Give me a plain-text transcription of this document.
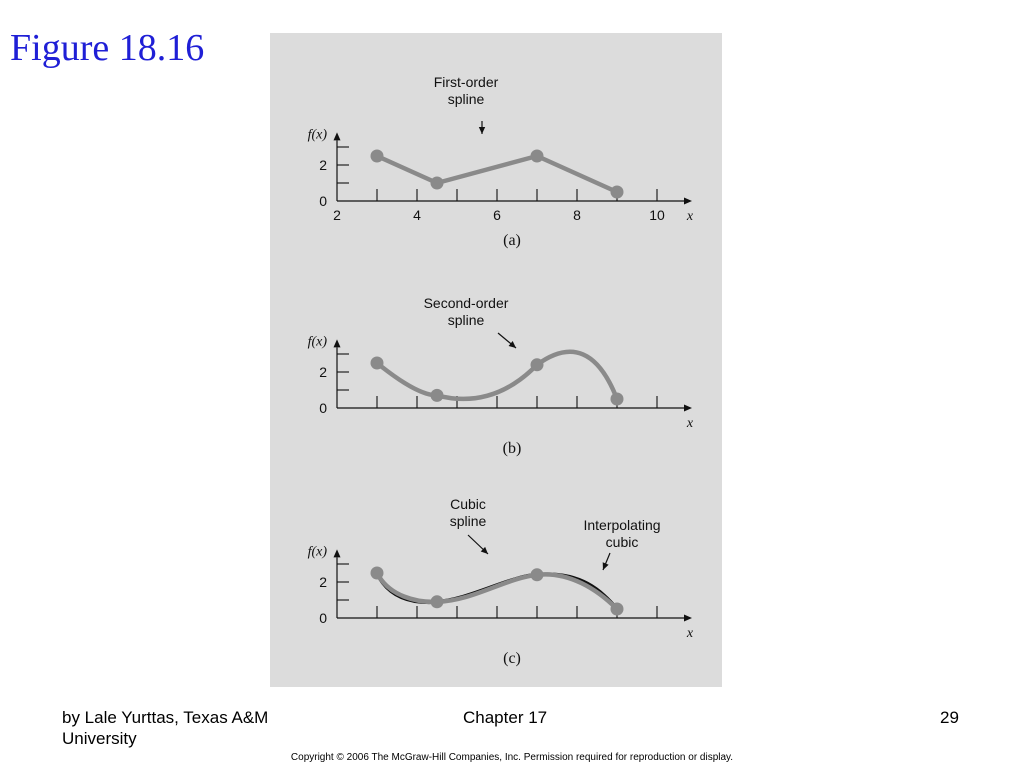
Figure 18.16
2	4	6	8	10
0
2
f(x)
x
First-order
spline
(a)
0
2
f(x)
x
Second-order
spline
(b)
0
2
f(x)
x
Cubic
spline	Interpolating
cubic
(c)
by Lale Yurttas, Texas A&M University
Chapter 17	29
Copyright © 2006 The McGraw-Hill Companies, Inc. Permission required for reproduction or display.
